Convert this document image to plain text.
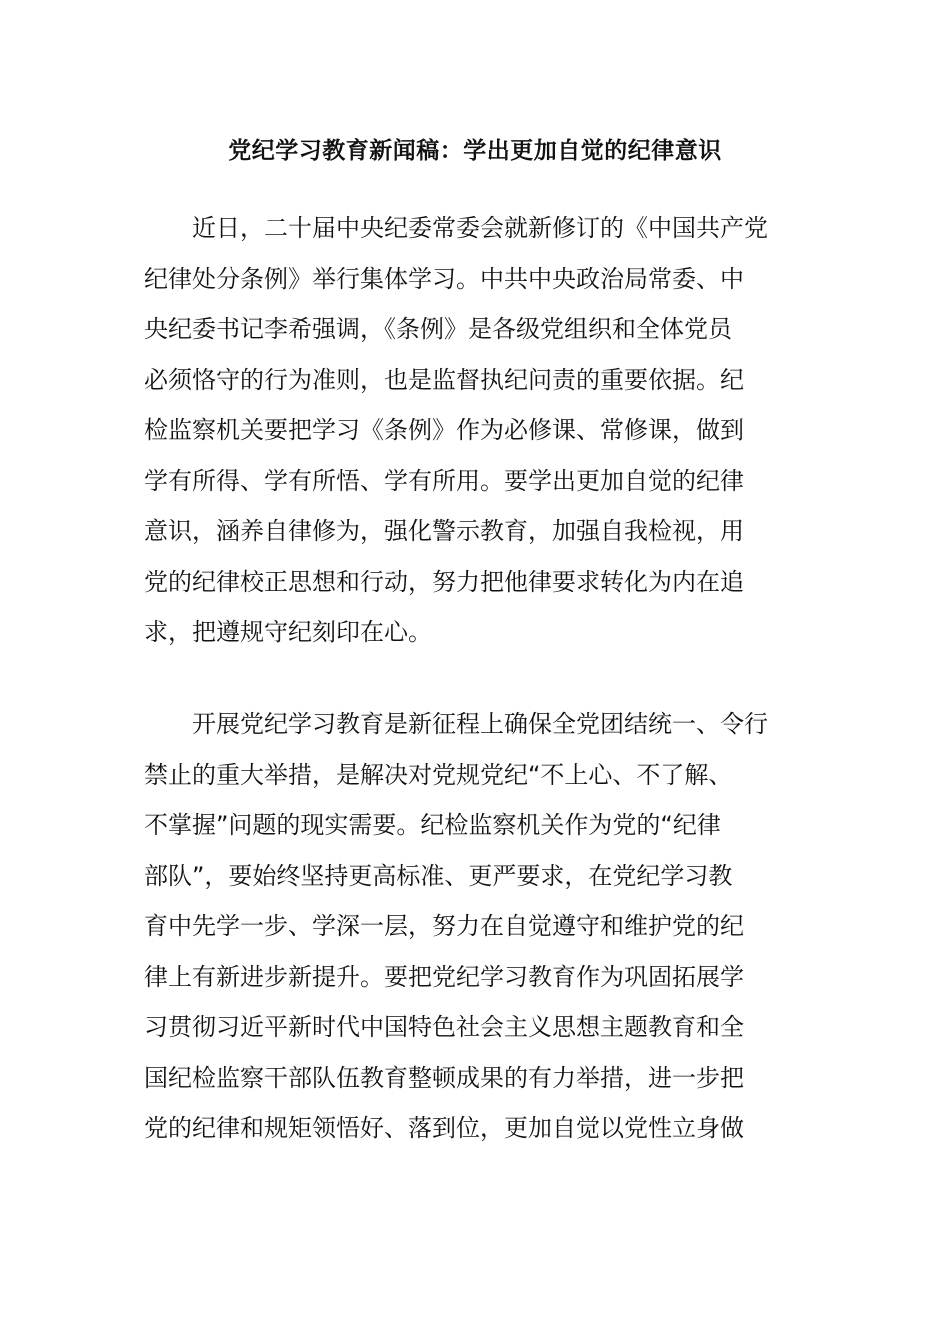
党纪学习教育新闻稿：学出更加自觉的纪律意识
近日，二十届中央纪委常委会就新修订的《中国共产党
纪律处分条例》举行集体学习。中共中央政治局常委、中
央纪委书记李希强调，《条例》是各级党组织和全体党员
必须恪守的行为准则，也是监督执纪问责的重要依据。纪
检监察机关要把学习《条例》作为必修课、常修课，做到
学有所得、学有所悟、学有所用。要学出更加自觉的纪律
意识，涵养自律修为，强化警示教育，加强自我检视，用
党的纪律校正思想和行动，努力把他律要求转化为内在追
求，把遵规守纪刻印在心。
开展党纪学习教育是新征程上确保全党团结统一、令行
禁止的重大举措，是解决对党规党纪“不上心、不了解、
不掌握”问题的现实需要。纪检监察机关作为党的“纪律
部队”，要始终坚持更高标准、更严要求，在党纪学习教
育中先学一步、学深一层，努力在自觉遵守和维护党的纪
律上有新进步新提升。要把党纪学习教育作为巩固拓展学
习贯彻习近平新时代中国特色社会主义思想主题教育和全
国纪检监察干部队伍教育整顿成果的有力举措，进一步把
党的纪律和规矩领悟好、落到位，更加自觉以党性立身做
